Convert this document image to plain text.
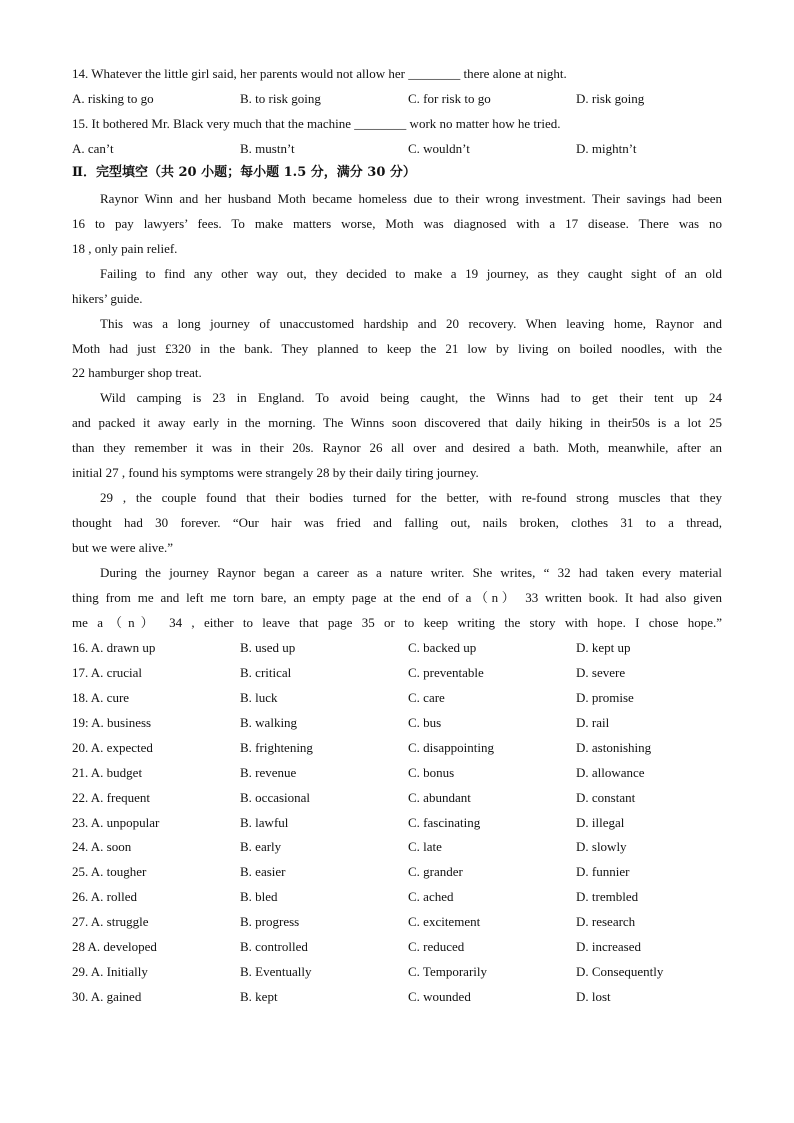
14. Whatever the little girl said, her parents would not allow her ________ there alone at night.
A. risking to go	B. to risk going	C. for risk to go	D. risk going
15. It bothered Mr. Black very much that the machine ________ work no matter how he tried.
A. can’t	B. mustn’t	C. wouldn’t	D. mightn’t
Ⅱ．完型填空（共 20 小题；每小题 1.5 分，满分 30 分）
Raynor Winn and her husband Moth became homeless due to their wrong investment. Their savings had been
16 to pay lawyers’ fees. To make matters worse, Moth was diagnosed with a 17 disease. There was no
18 , only pain relief.
Failing to find any other way out, they decided to make a 19 journey, as they caught sight of an old
hikers’ guide.
This was a long journey of unaccustomed hardship and 20 recovery. When leaving home, Raynor and
Moth had just £320 in the bank. They planned to keep the 21 low by living on boiled noodles, with the
22 hamburger shop treat.
Wild camping is 23 in England. To avoid being caught, the Winns had to get their tent up 24
and packed it away early in the morning. The Winns soon discovered that daily hiking in their50s is a lot 25
than they remember it was in their 20s. Raynor 26 all over and desired a bath. Moth, meanwhile, after an
initial 27 , found his symptoms were strangely 28 by their daily tiring journey.
29 , the couple found that their bodies turned for the better, with re-found strong muscles that they
thought had 30 forever. “Our hair was fried and falling out, nails broken, clothes 31 to a thread,
but we were alive.”
During the journey Raynor began a career as a nature writer. She writes, “ 32 had taken every material
thing from me and left me torn bare, an empty page at the end of a（n） 33 written book. It had also given
me a（n） 34 , either to leave that page 35 or to keep writing the story with hope. I chose hope.”
16. A. drawn up	B. used up	C. backed up	D. kept up
17. A. crucial	B. critical	C. preventable	D. severe
18. A. cure	B. luck	C. care	D. promise
19: A. business	B. walking	C. bus	D. rail
20. A. expected	B. frightening	C. disappointing	D. astonishing
21. A. budget	B. revenue	C. bonus	D. allowance
22. A. frequent	B. occasional	C. abundant	D. constant
23. A. unpopular	B. lawful	C. fascinating	D. illegal
24. A. soon	B. early	C. late	D. slowly
25. A. tougher	B. easier	C. grander	D. funnier
26. A. rolled	B. bled	C. ached	D. trembled
27. A. struggle	B. progress	C. excitement	D. research
28 A. developed	B. controlled	C. reduced	D. increased
29. A. Initially	B. Eventually	C. Temporarily	D. Consequently
30. A. gained	B. kept	C. wounded	D. lost
